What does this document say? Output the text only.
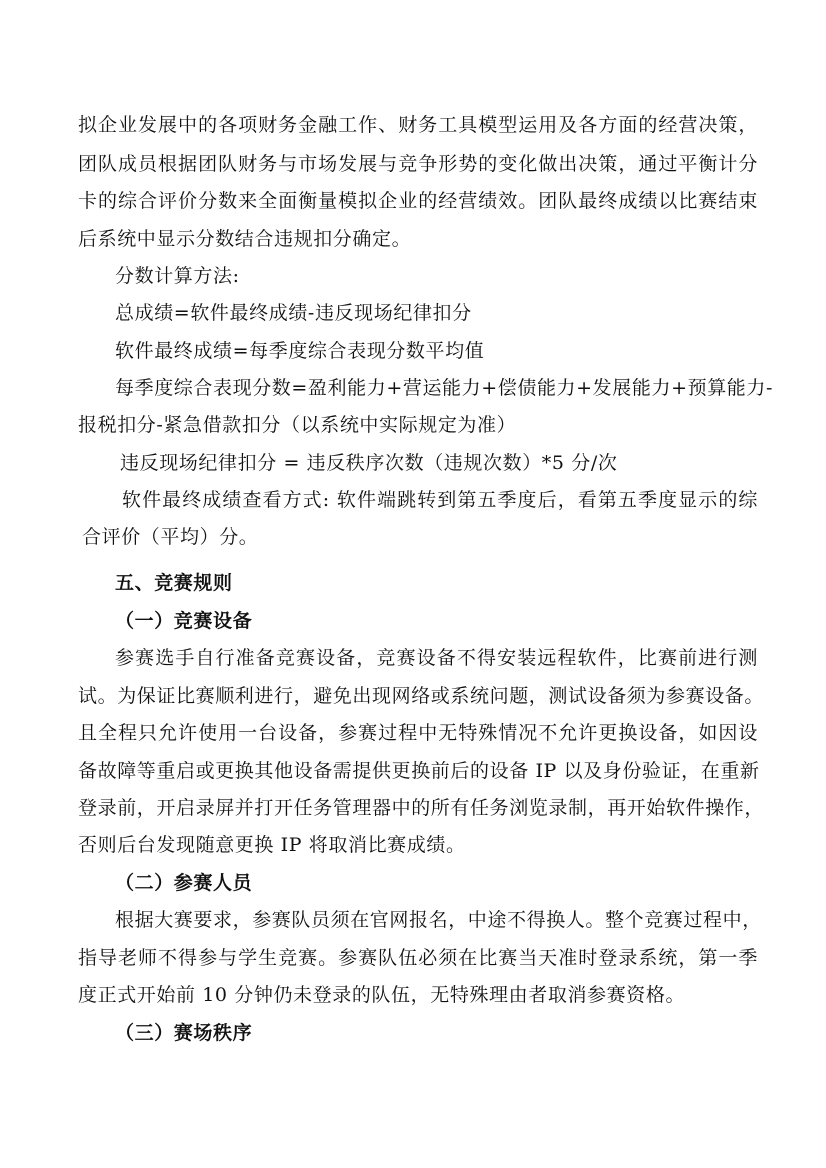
拟企业发展中的各项财务金融工作、财务工具模型运用及各方面的经营决策，
团队成员根据团队财务与市场发展与竞争形势的变化做出决策，通过平衡计分
卡的综合评价分数来全面衡量模拟企业的经营绩效。团队最终成绩以比赛结束
后系统中显示分数结合违规扣分确定。
分数计算方法:
总成绩=软件最终成绩-违反现场纪律扣分
软件最终成绩=每季度综合表现分数平均值
每季度综合表现分数=盈利能力+营运能力+偿债能力+发展能力+预算能力-
报税扣分-紧急借款扣分（以系统中实际规定为准）
违反现场纪律扣分 = 违反秩序次数（违规次数）*5 分/次
软件最终成绩查看方式: 软件端跳转到第五季度后，看第五季度显示的综
合评价（平均）分。
五、竞赛规则
（一）竞赛设备
参赛选手自行准备竞赛设备，竞赛设备不得安装远程软件，比赛前进行测
试。为保证比赛顺利进行，避免出现网络或系统问题，测试设备须为参赛设备。
且全程只允许使用一台设备，参赛过程中无特殊情况不允许更换设备，如因设
备故障等重启或更换其他设备需提供更换前后的设备 IP 以及身份验证，在重新
登录前，开启录屏并打开任务管理器中的所有任务浏览录制，再开始软件操作，
否则后台发现随意更换 IP 将取消比赛成绩。
（二）参赛人员
根据大赛要求，参赛队员须在官网报名，中途不得换人。整个竞赛过程中，
指导老师不得参与学生竞赛。参赛队伍必须在比赛当天准时登录系统，第一季
度正式开始前 10 分钟仍未登录的队伍，无特殊理由者取消参赛资格。
（三）赛场秩序
